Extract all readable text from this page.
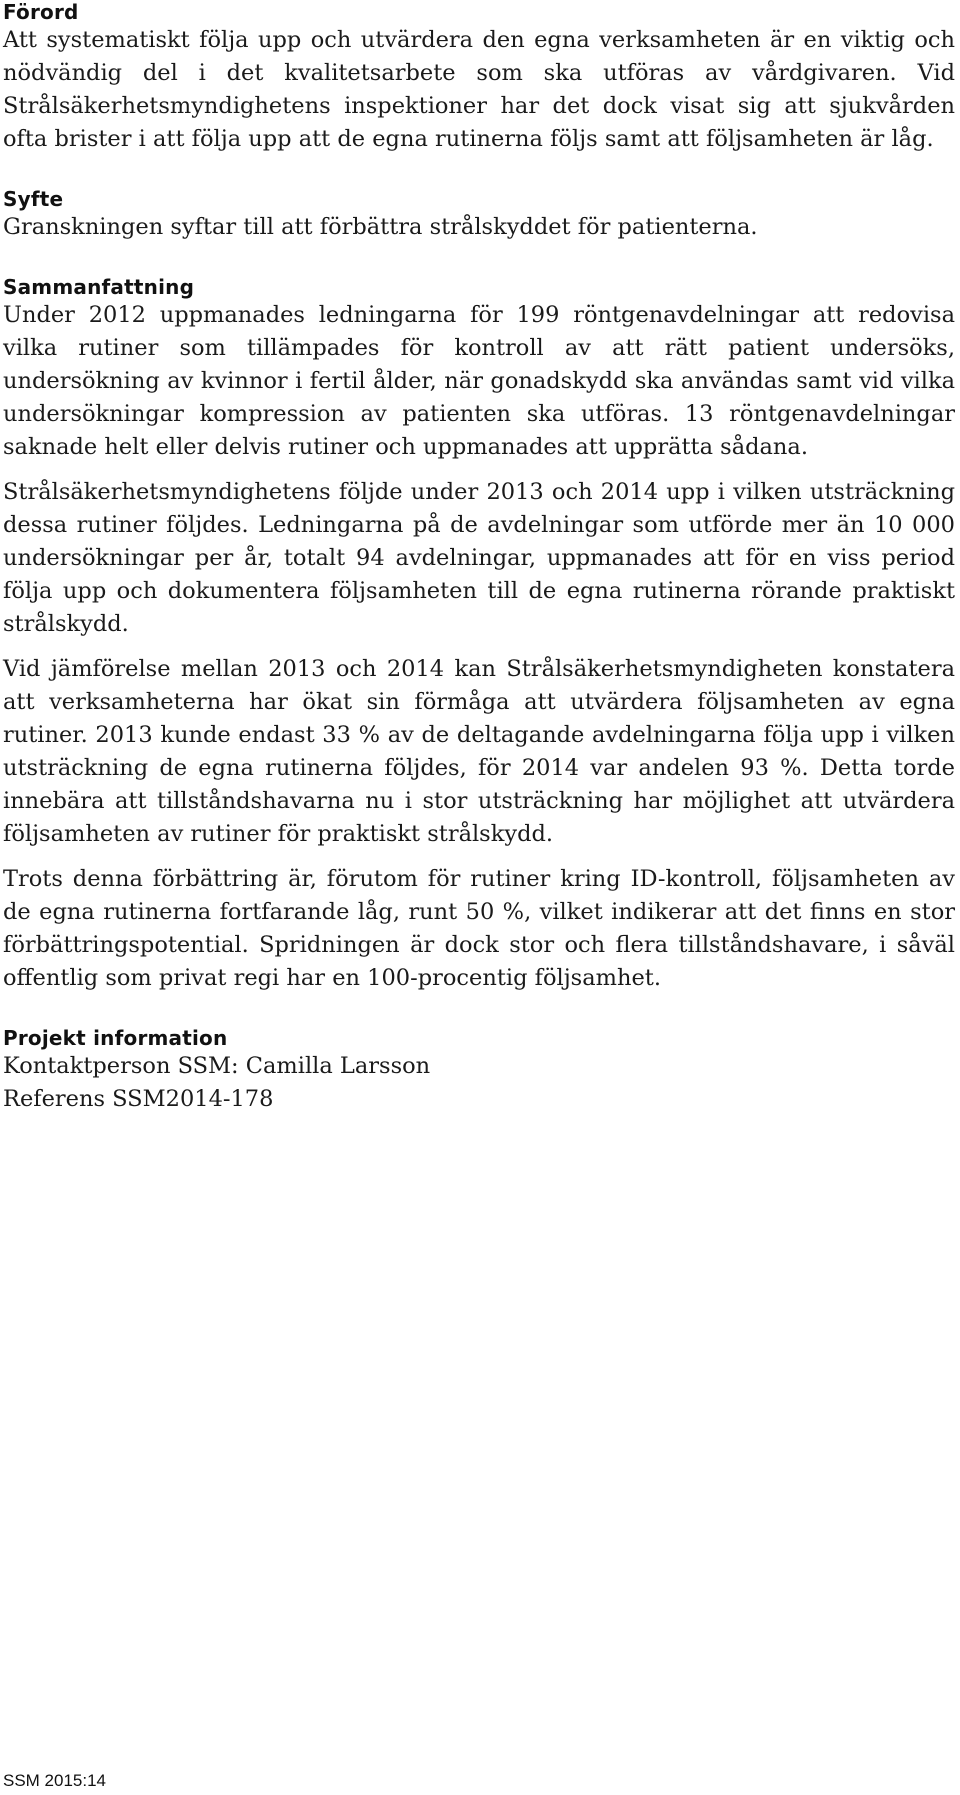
Förord

Att systematiskt följa upp och utvärdera den egna verksamheten är en viktig och nödvändig del i det kvalitetsarbete som ska utföras av vårdgivaren. Vid Strålsäkerhetsmyndighetens inspektioner har det dock visat sig att sjukvården ofta brister i att följa upp att de egna rutinerna följs samt att följsamheten är låg.

Syfte

Granskningen syftar till att förbättra strålskyddet för patienterna.

Sammanfattning

Under 2012 uppmanades ledningarna för 199 röntgenavdelningar att redovisa vilka rutiner som tillämpades för kontroll av att rätt patient undersöks, undersökning av kvinnor i fertil ålder, när gonadskydd ska användas samt vid vilka undersökningar kompression av patienten ska utföras. 13 röntgenavdelningar saknade helt eller delvis rutiner och uppmanades att upprätta sådana.

Strålsäkerhetsmyndighetens följde under 2013 och 2014 upp i vilken utsträckning dessa rutiner följdes. Ledningarna på de avdelningar som utförde mer än 10 000 undersökningar per år, totalt 94 avdelningar, uppmanades att för en viss period följa upp och dokumentera följsamheten till de egna rutinerna rörande praktiskt strålskydd.

Vid jämförelse mellan 2013 och 2014 kan Strålsäkerhetsmyndigheten konstatera att verksamheterna har ökat sin förmåga att utvärdera följsamheten av egna rutiner. 2013 kunde endast 33 % av de deltagande avdelningarna följa upp i vilken utsträckning de egna rutinerna följdes, för 2014 var andelen 93 %. Detta torde innebära att tillståndshavarna nu i stor utsträckning har möjlighet att utvärdera följsamheten av rutiner för praktiskt strålskydd.

Trots denna förbättring är, förutom för rutiner kring ID-kontroll, följsamheten av de egna rutinerna fortfarande låg, runt 50 %, vilket indikerar att det finns en stor förbättringspotential. Spridningen är dock stor och flera tillståndshavare, i såväl offentlig som privat regi har en 100-procentig följsamhet.

Projekt information

Kontaktperson SSM: Camilla Larsson

Referens SSM2014-178

SSM 2015:14
